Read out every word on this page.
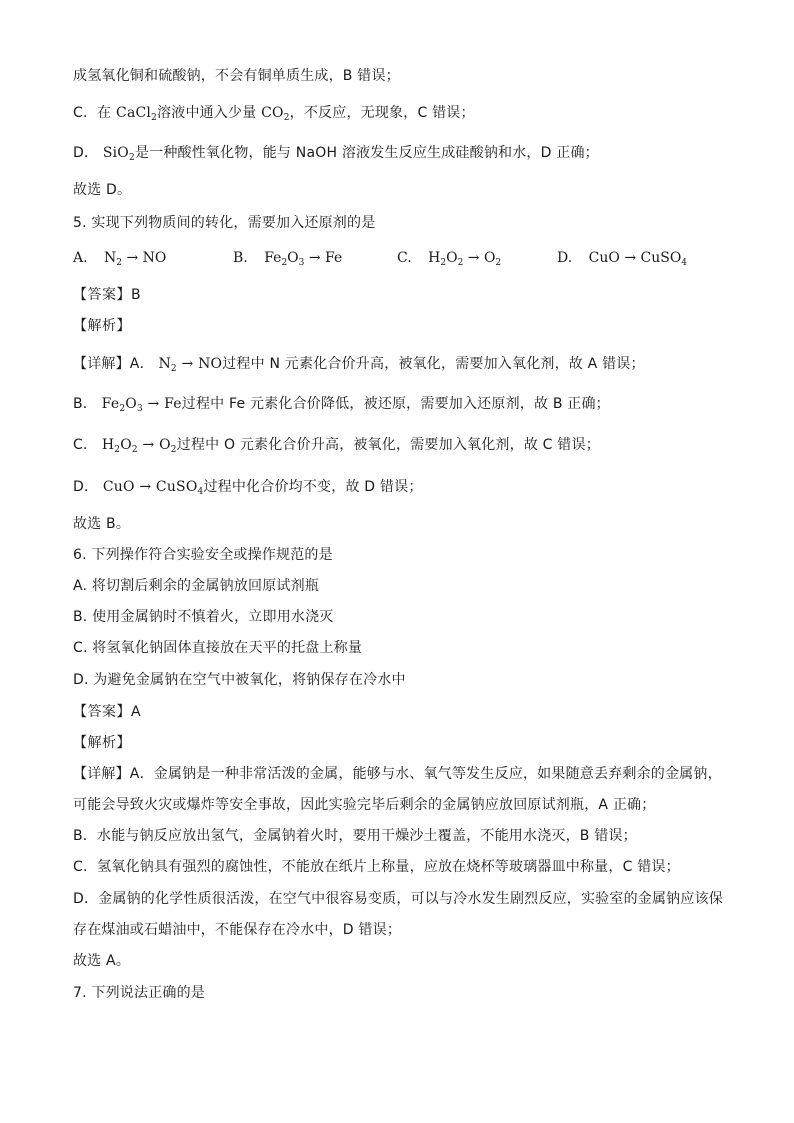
成氢氧化铜和硫酸钠，不会有铜单质生成，B 错误；
C．在 CaCl$_2$溶液中通入少量 $CO_2$，不反应，无现象，C 错误；
D． SiO$_2$是一种酸性氧化物，能与 NaOH 溶液发生反应生成硅酸钠和水，D 正确；
故选 D。
5. 实现下列物质间的转化，需要加入还原剂的是
A. $N_2$ → NO	B. $Fe_2O_3 \to Fe$	C. $H_2O_2 \to O_2$	D. CuO → CuSO$_4$
【答案】B
【解析】
【详解】A． $N_2$ → NO过程中 N 元素化合价升高，被氧化，需要加入氧化剂，故 A 错误；
B． $Fe_2O_3 \to Fe$过程中 Fe 元素化合价降低，被还原，需要加入还原剂，故 B 正确；
C． $H_2O_2 \to O_2$过程中 O 元素化合价升高，被氧化，需要加入氧化剂，故 C 错误；
D． CuO → CuSO$_4$过程中化合价均不变，故 D 错误；
故选 B。
6. 下列操作符合实验安全或操作规范的是
A. 将切割后剩余的金属钠放回原试剂瓶
B. 使用金属钠时不慎着火，立即用水浇灭
C. 将氢氧化钠固体直接放在天平的托盘上称量
D. 为避免金属钠在空气中被氧化，将钠保存在冷水中
【答案】A
【解析】
【详解】A．金属钠是一种非常活泼的金属，能够与水、氧气等发生反应，如果随意丢弃剩余的金属钠，
可能会导致火灾或爆炸等安全事故，因此实验完毕后剩余的金属钠应放回原试剂瓶，A 正确；
B．水能与钠反应放出氢气，金属钠着火时，要用干燥沙土覆盖，不能用水浇灭，B 错误；
C．氢氧化钠具有强烈的腐蚀性，不能放在纸片上称量，应放在烧杯等玻璃器皿中称量，C 错误；
D．金属钠的化学性质很活泼，在空气中很容易变质，可以与冷水发生剧烈反应，实验室的金属钠应该保
存在煤油或石蜡油中，不能保存在冷水中，D 错误；
故选 A。
7. 下列说法正确的是
